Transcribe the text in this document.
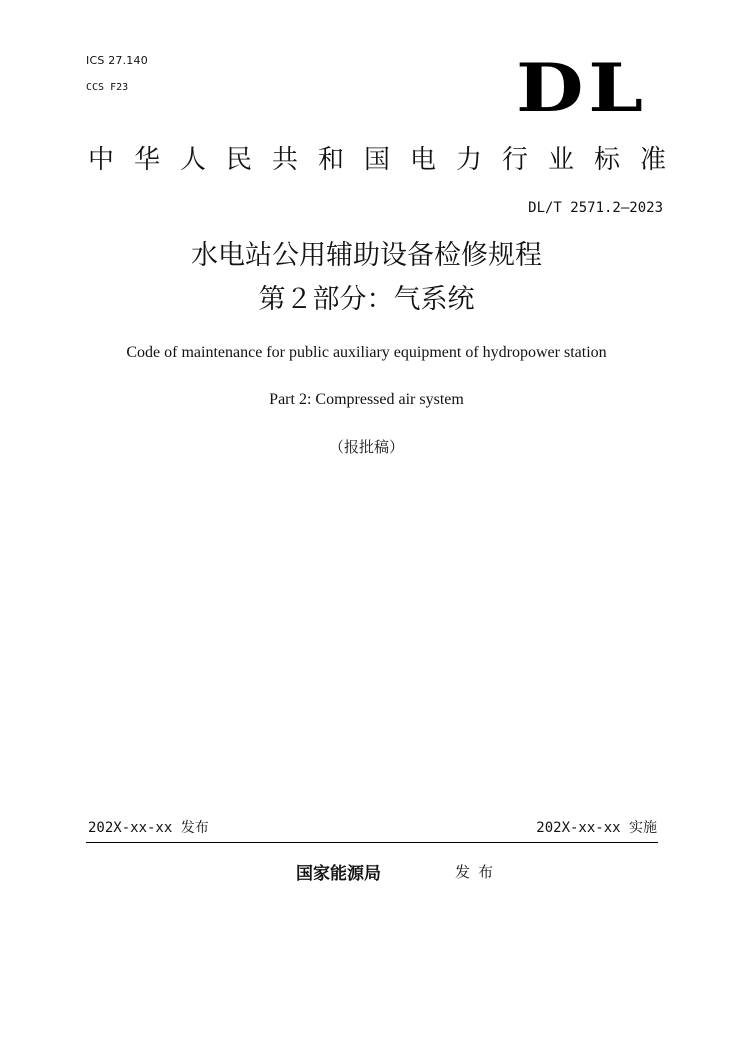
ICS 27.140
CCS F23	DL
中华人民共和国电力行业标准
DL/T 2571.2—2023
水电站公用辅助设备检修规程
第２部分：气系统
Code of maintenance for public auxiliary equipment of hydropower station
Part 2: Compressed air system
（报批稿）
202X-xx-xx 发布	202X-xx-xx 实施
国家能源局	发布
